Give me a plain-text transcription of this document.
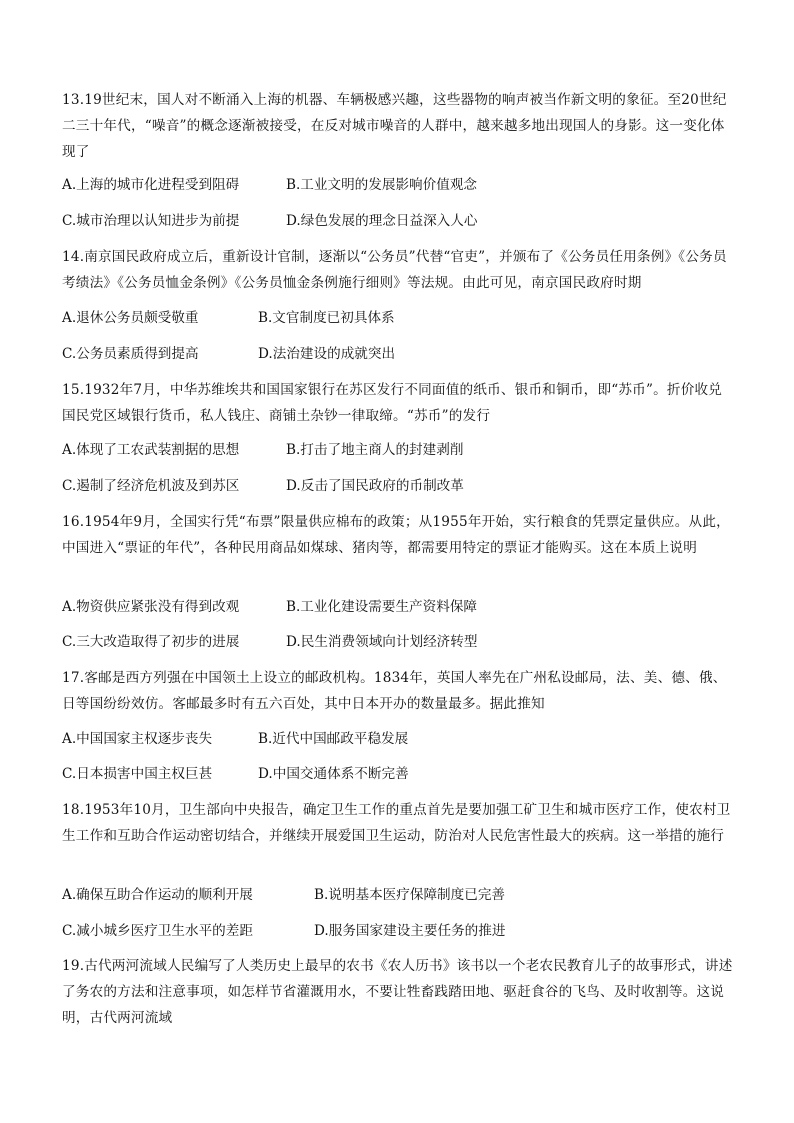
13.19世纪末，国人对不断涌入上海的机器、车辆极感兴趣，这些器物的响声被当作新文明的象征。至20世纪二三十年代，“噪音”的概念逐渐被接受，在反对城市噪音的人群中，越来越多地出现国人的身影。这一变化体现了

A.上海的城市化进程受到阻碍	B.工业文明的发展影响价值观念
C.城市治理以认知进步为前提	D.绿色发展的理念日益深入人心

14.南京国民政府成立后，重新设计官制，逐渐以“公务员”代替“官吏”，并颁布了《公务员任用条例》《公务员考绩法》《公务员恤金条例》《公务员恤金条例施行细则》等法规。由此可见，南京国民政府时期

A.退休公务员颇受敬重	B.文官制度已初具体系
C.公务员素质得到提高	D.法治建设的成就突出

15.1932年7月，中华苏维埃共和国国家银行在苏区发行不同面值的纸币、银币和铜币，即“苏币”。折价收兑国民党区域银行货币，私人钱庄、商铺土杂钞一律取缔。“苏币”的发行

A.体现了工农武装割据的思想	B.打击了地主商人的封建剥削
C.遏制了经济危机波及到苏区	D.反击了国民政府的币制改革

16.1954年9月，全国实行凭“布票”限量供应棉布的政策；从1955年开始，实行粮食的凭票定量供应。从此，中国进入“票证的年代”，各种民用商品如煤球、猪肉等，都需要用特定的票证才能购买。这在本质上说明

A.物资供应紧张没有得到改观	B.工业化建设需要生产资料保障
C.三大改造取得了初步的进展	D.民生消费领域向计划经济转型

17.客邮是西方列强在中国领土上设立的邮政机构。1834年，英国人率先在广州私设邮局，法、美、德、俄、日等国纷纷效仿。客邮最多时有五六百处，其中日本开办的数量最多。据此推知

A.中国国家主权逐步丧失	B.近代中国邮政平稳发展
C.日本损害中国主权巨甚	D.中国交通体系不断完善

18.1953年10月，卫生部向中央报告，确定卫生工作的重点首先是要加强工矿卫生和城市医疗工作，使农村卫生工作和互助合作运动密切结合，并继续开展爱国卫生运动，防治对人民危害性最大的疾病。这一举措的施行

A.确保互助合作运动的顺利开展	B.说明基本医疗保障制度已完善
C.减小城乡医疗卫生水平的差距	D.服务国家建设主要任务的推进

19.古代两河流域人民编写了人类历史上最早的农书《农人历书》该书以一个老农民教育儿子的故事形式，讲述了务农的方法和注意事项，如怎样节省灌溉用水，不要让牲畜践踏田地、驱赶食谷的飞鸟、及时收割等。这说明，古代两河流域
